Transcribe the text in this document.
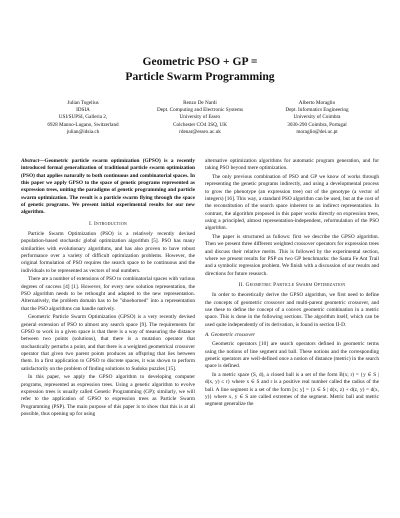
Geometric PSO + GP =
Particle Swarm Programming
Julian Togelius
IDSIA
USI/SUPSI, Galleria 2,
6928 Manno-Lugano, Switzerland
julian@idsia.ch
Renzo De Nardi
Dept. Computing and Electronic Systems
University of Essex
Colchester CO4 3SQ, UK
rdenar@essex.ac.uk
Alberto Moraglio
Dept. Informatics Engineering
University of Coimbra
3030-290 Coimbra, Portugal
moraglio@dei.uc.pt

Abstract—Geometric particle swarm optimization (GPSO) is a recently introduced formal generalization of traditional particle swarm optimization (PSO) that applies naturally to both continuous and combinatorial spaces. In this paper we apply GPSO to the space of genetic programs represented as expression trees, uniting the paradigms of genetic programming and particle swarm optimization. The result is a particle swarm flying through the space of genetic programs. We present initial experimental results for our new algorithm.

I. Introduction

Particle Swarm Optimization (PSO) is a relatively recently devised population-based stochastic global optimization algorithm [5]. PSO has many similarities with evolutionary algorithms, and has also proven to have robust performance over a variety of difficult optimization problems. However, the original formulation of PSO requires the search space to be continuous and the individuals to be represented as vectors of real numbers.

There are a number of extensions of PSO to combinatorial spaces with various degrees of success [4] [1]. However, for every new solution representation, the PSO algorithm needs to be rethought and adapted to the new representation. Alternatively, the problem domain has to be "shoehorned" into a representation that the PSO algorithms can handle natively.

Geometric Particle Swarm Optimization (GPSO) is a very recently devised general extension of PSO to almost any search space [9]. The requirements for GPSO to work in a given space is that there is a way of measuring the distance between two points (solutions), that there is a mutation operator that stochastically perturbs a point, and that there is a weighted geometrical crossover operator that given two parent points produces an offspring that lies between them. In a first application to GPSO to discrete spaces, it was shown to perform satisfactorily on the problem of finding solutions to Sudoku puzzles [15].

In this paper, we apply the GPSO algorithm to developing computer programs, represented as expression trees. Using a genetic algorithm to evolve expression trees is usually called Genetic Programming (GP); similarly, we will refer to the application of GPSO to expression trees as Particle Swarm Programming (PSP). The main purpose of this paper is to show that this is at all possible, thus opening up for using

alternative optimization algorithms for automatic program generation, and for taking PSO beyond mere optimization.

The only previous combination of PSO and GP we know of works through representing the genetic programs indirectly, and using a developmental process to grow the phenotype (an expression tree) out of the genotype (a vector of integers) [16]. This way, a standard PSO algorithm can be used, but at the cost of the reconstitution of the search space inherent to an indirect representation. In contrast, the algorithm proposed in this paper works directly on expression trees, using a principled, almost representation-independent, reformulation of the PSO algorithm.

The paper is structured as follows: first we describe the GPSO algorithm. Then we present three different weighted crossover operators for expression trees and discuss their relative merits. This is followed by the experimental section, where we present results for PSP on two GP benchmarks: the Santa Fe Ant Trail and a symbolic regression problem. We finish with a discussion of our results and directions for future research.

II. Geometric Particle Swarm Optimization

In order to theoretically derive the GPSO algorithm, we first need to define the concepts of geometric crossover and multi-parent geometric crossover, and use these to define the concept of a convex geometric combination in a metric space. This is done in the following sections. The algorithm itself, which can be used quite independently of its derivation, is found in section II-D.

A. Geometric crossover

Geometric operators [10] are search operators defined in geometric terms using the notions of line segment and ball. These notions and the corresponding genetic operators are well-defined once a notion of distance (metric) in the search space is defined.

In a metric space (S, d), a closed ball is a set of the form B(x; r) = {y ∈ S | d(x, y) ≤ r} where x ∈ S and r is a positive real number called the radius of the ball. A line segment is a set of the form [x; y] = {z ∈ S | d(x, z) + d(z, y) = d(x, y)} where x, y ∈ S are called extremes of the segment. Metric ball and metric segment generalize the
